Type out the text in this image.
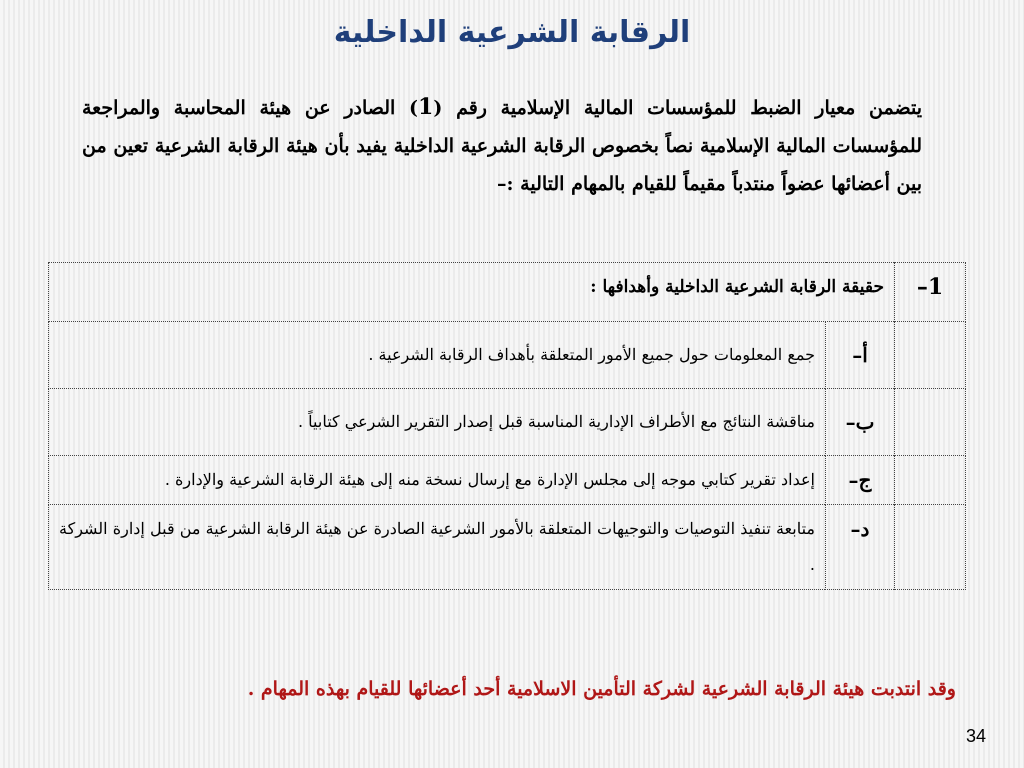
الرقابة الشرعية الداخلية
يتضمن معيار الضبط للمؤسسات المالية الإسلامية رقم (1) الصادر عن هيئة المحاسبة والمراجعة للمؤسسات المالية الإسلامية نصاً بخصوص الرقابة الشرعية الداخلية يفيد بأن هيئة الرقابة الشرعية تعين من بين أعضائها عضواً منتدباً مقيماً للقيام بالمهام التالية :–
1–	حقيقة الرقابة الشرعية الداخلية وأهدافها :	
	أ–	جمع المعلومات حول جميع الأمور المتعلقة بأهداف الرقابة الشرعية .
	ب–	مناقشة النتائج مع الأطراف الإدارية المناسبة قبل إصدار التقرير الشرعي كتابياً .
	ج–	إعداد تقرير كتابي موجه إلى مجلس الإدارة مع إرسال نسخة منه إلى هيئة الرقابة الشرعية والإدارة .
	د–	متابعة تنفيذ التوصيات والتوجيهات المتعلقة بالأمور الشرعية الصادرة عن هيئة الرقابة الشرعية من قبل إدارة الشركة .
وقد انتدبت هيئة الرقابة الشرعية لشركة التأمين الاسلامية أحد أعضائها للقيام بهذه المهام .
34
